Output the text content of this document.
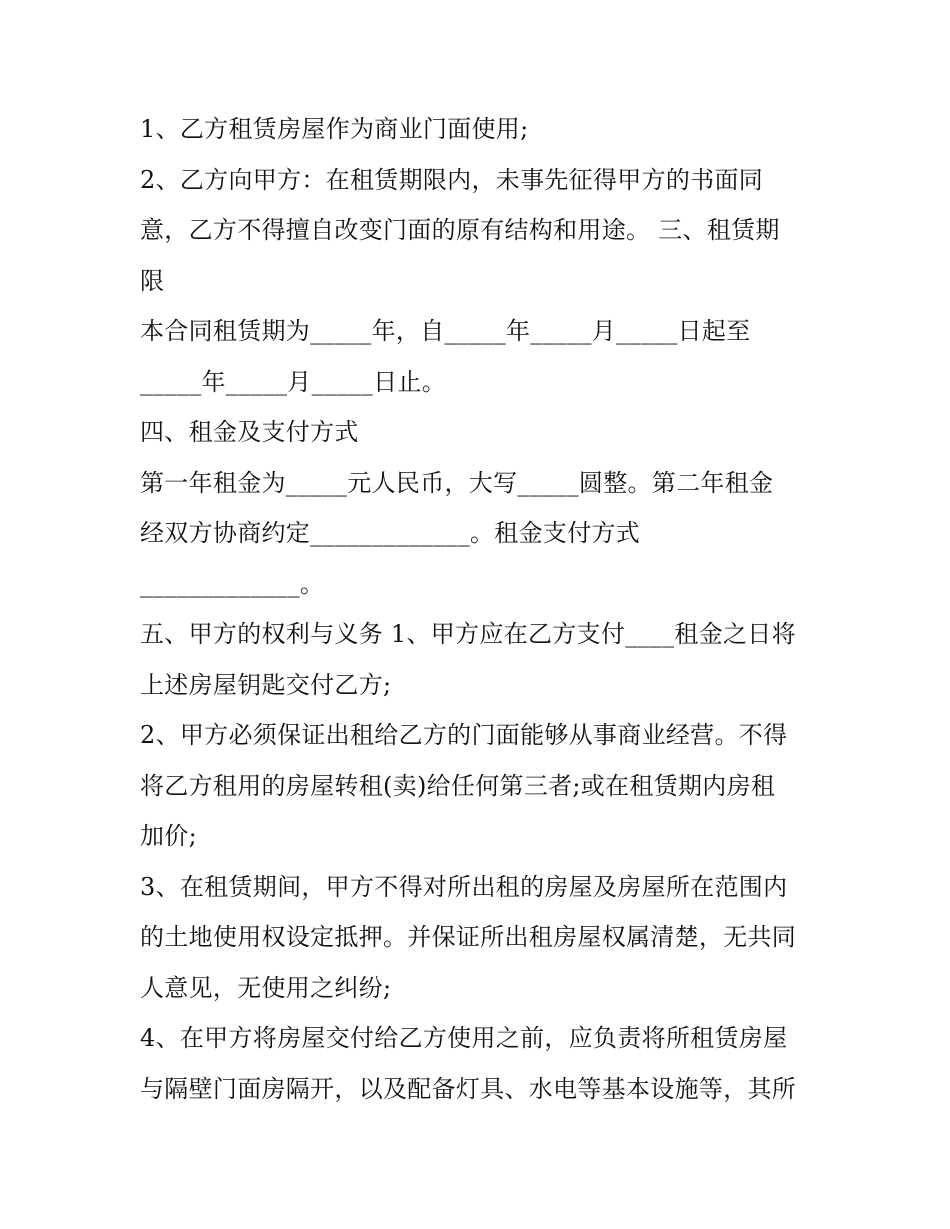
1、乙方租赁房屋作为商业门面使用;
2、乙方向甲方：在租赁期限内，未事先征得甲方的书面同
意，乙方不得擅自改变门面的原有结构和用途。 三、租赁期
限
本合同租赁期为_____年，自_____年_____月_____日起至
_____年_____月_____日止。
四、租金及支付方式
第一年租金为_____元人民币，大写_____圆整。第二年租金
经双方协商约定_____________。租金支付方式
_____________。
五、甲方的权利与义务 1、甲方应在乙方支付____租金之日将
上述房屋钥匙交付乙方;
2、甲方必须保证出租给乙方的门面能够从事商业经营。不得
将乙方租用的房屋转租(卖)给任何第三者;或在租赁期内房租
加价;
3、在租赁期间，甲方不得对所出租的房屋及房屋所在范围内
的土地使用权设定抵押。并保证所出租房屋权属清楚，无共同
人意见，无使用之纠纷;
4、在甲方将房屋交付给乙方使用之前，应负责将所租赁房屋
与隔壁门面房隔开，以及配备灯具、水电等基本设施等，其所
